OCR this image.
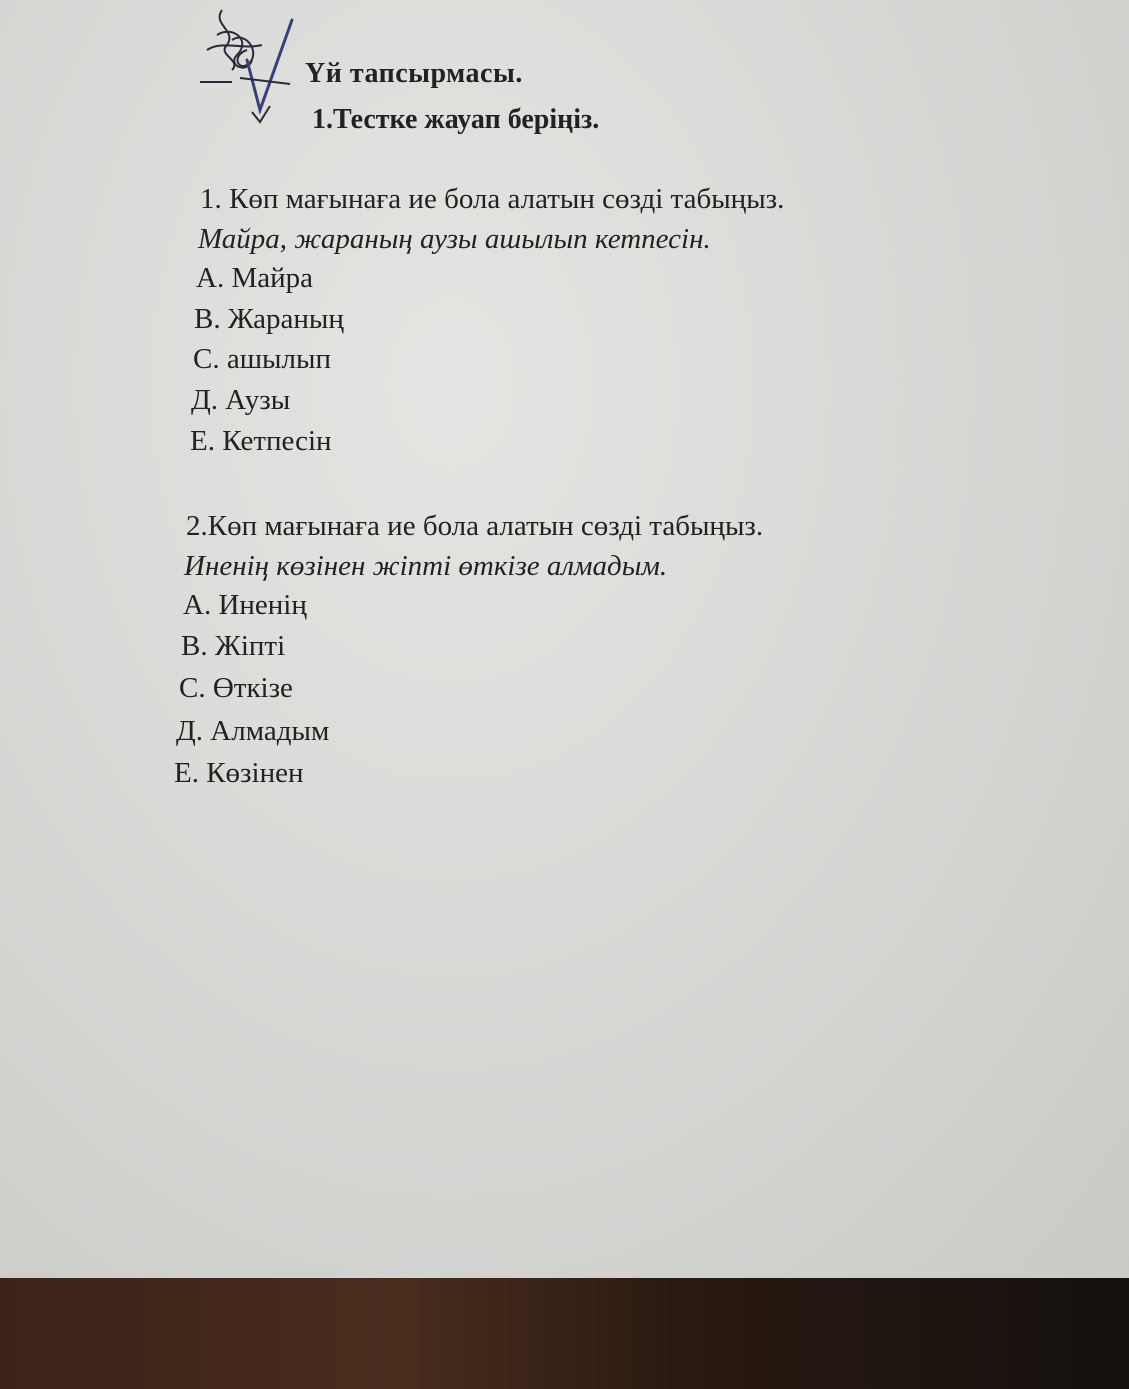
Үй тапсырмасы.
1.Тестке жауап беріңіз.
1. Көп мағынаға ие бола алатын сөзді табыңыз.
Майра, жараның аузы ашылып кетпесін.
А. Майра
В. Жараның
С. ашылып
Д. Аузы
Е. Кетпесін
2.Көп мағынаға ие бола алатын сөзді табыңыз.
Иненің көзінен жіпті өткізе алмадым.
А. Иненің
В. Жіпті
С. Өткізе
Д. Алмадым
Е. Көзінен
